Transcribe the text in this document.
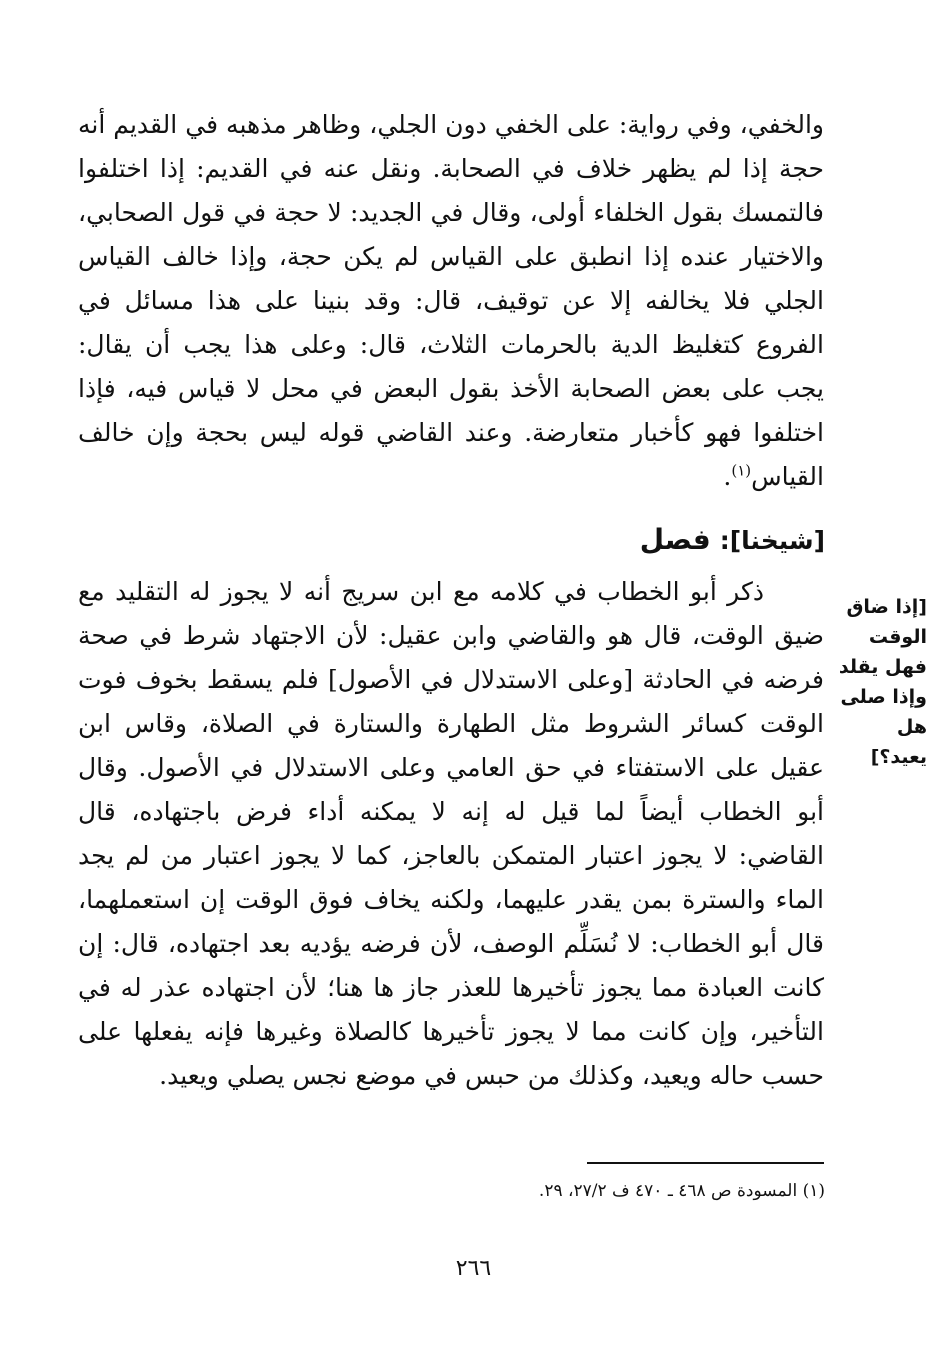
والخفي، وفي رواية: على الخفي دون الجلي، وظاهر مذهبه في القديم أنه حجة إذا لم يظهر خلاف في الصحابة. ونقل عنه في القديم: إذا اختلفوا فالتمسك بقول الخلفاء أولى، وقال في الجديد: لا حجة في قول الصحابي، والاختيار عنده إذا انطبق على القياس لم يكن حجة، وإذا خالف القياس الجلي فلا يخالفه إلا عن توقيف، قال: وقد بنينا على هذا مسائل في الفروع كتغليظ الدية بالحرمات الثلاث، قال: وعلى هذا يجب أن يقال: يجب على بعض الصحابة الأخذ بقول البعض في محل لا قياس فيه، فإذا اختلفوا فهو كأخبار متعارضة. وعند القاضي قوله ليس بحجة وإن خالف القياس$^{(١)}$.

[شيخنا]: فصل

[إذا ضاق الوقت فهل يقلد وإذا صلى هل يعيد؟]

ذكر أبو الخطاب في كلامه مع ابن سريج أنه لا يجوز له التقليد مع ضيق الوقت، قال هو والقاضي وابن عقيل: لأن الاجتهاد شرط في صحة فرضه في الحادثة [وعلى الاستدلال في الأصول] فلم يسقط بخوف فوت الوقت كسائر الشروط مثل الطهارة والستارة في الصلاة، وقاس ابن عقيل على الاستفتاء في حق العامي وعلى الاستدلال في الأصول. وقال أبو الخطاب أيضاً لما قيل له إنه لا يمكنه أداء فرض باجتهاده، قال القاضي: لا يجوز اعتبار المتمكن بالعاجز، كما لا يجوز اعتبار من لم يجد الماء والسترة بمن يقدر عليهما، ولكنه يخاف فوق الوقت إن استعملهما، قال أبو الخطاب: لا نُسَلِّم الوصف، لأن فرضه يؤديه بعد اجتهاده، قال: إن كانت العبادة مما يجوز تأخيرها للعذر جاز ها هنا؛ لأن اجتهاده عذر له في التأخير، وإن كانت مما لا يجوز تأخيرها كالصلاة وغيرها فإنه يفعلها على حسب حاله ويعيد، وكذلك من حبس في موضع نجس يصلي ويعيد.

(١) المسودة ص ٤٦٨ ـ ٤٧٠ ف ٢٧/٢، ٢٩.

٢٦٦
